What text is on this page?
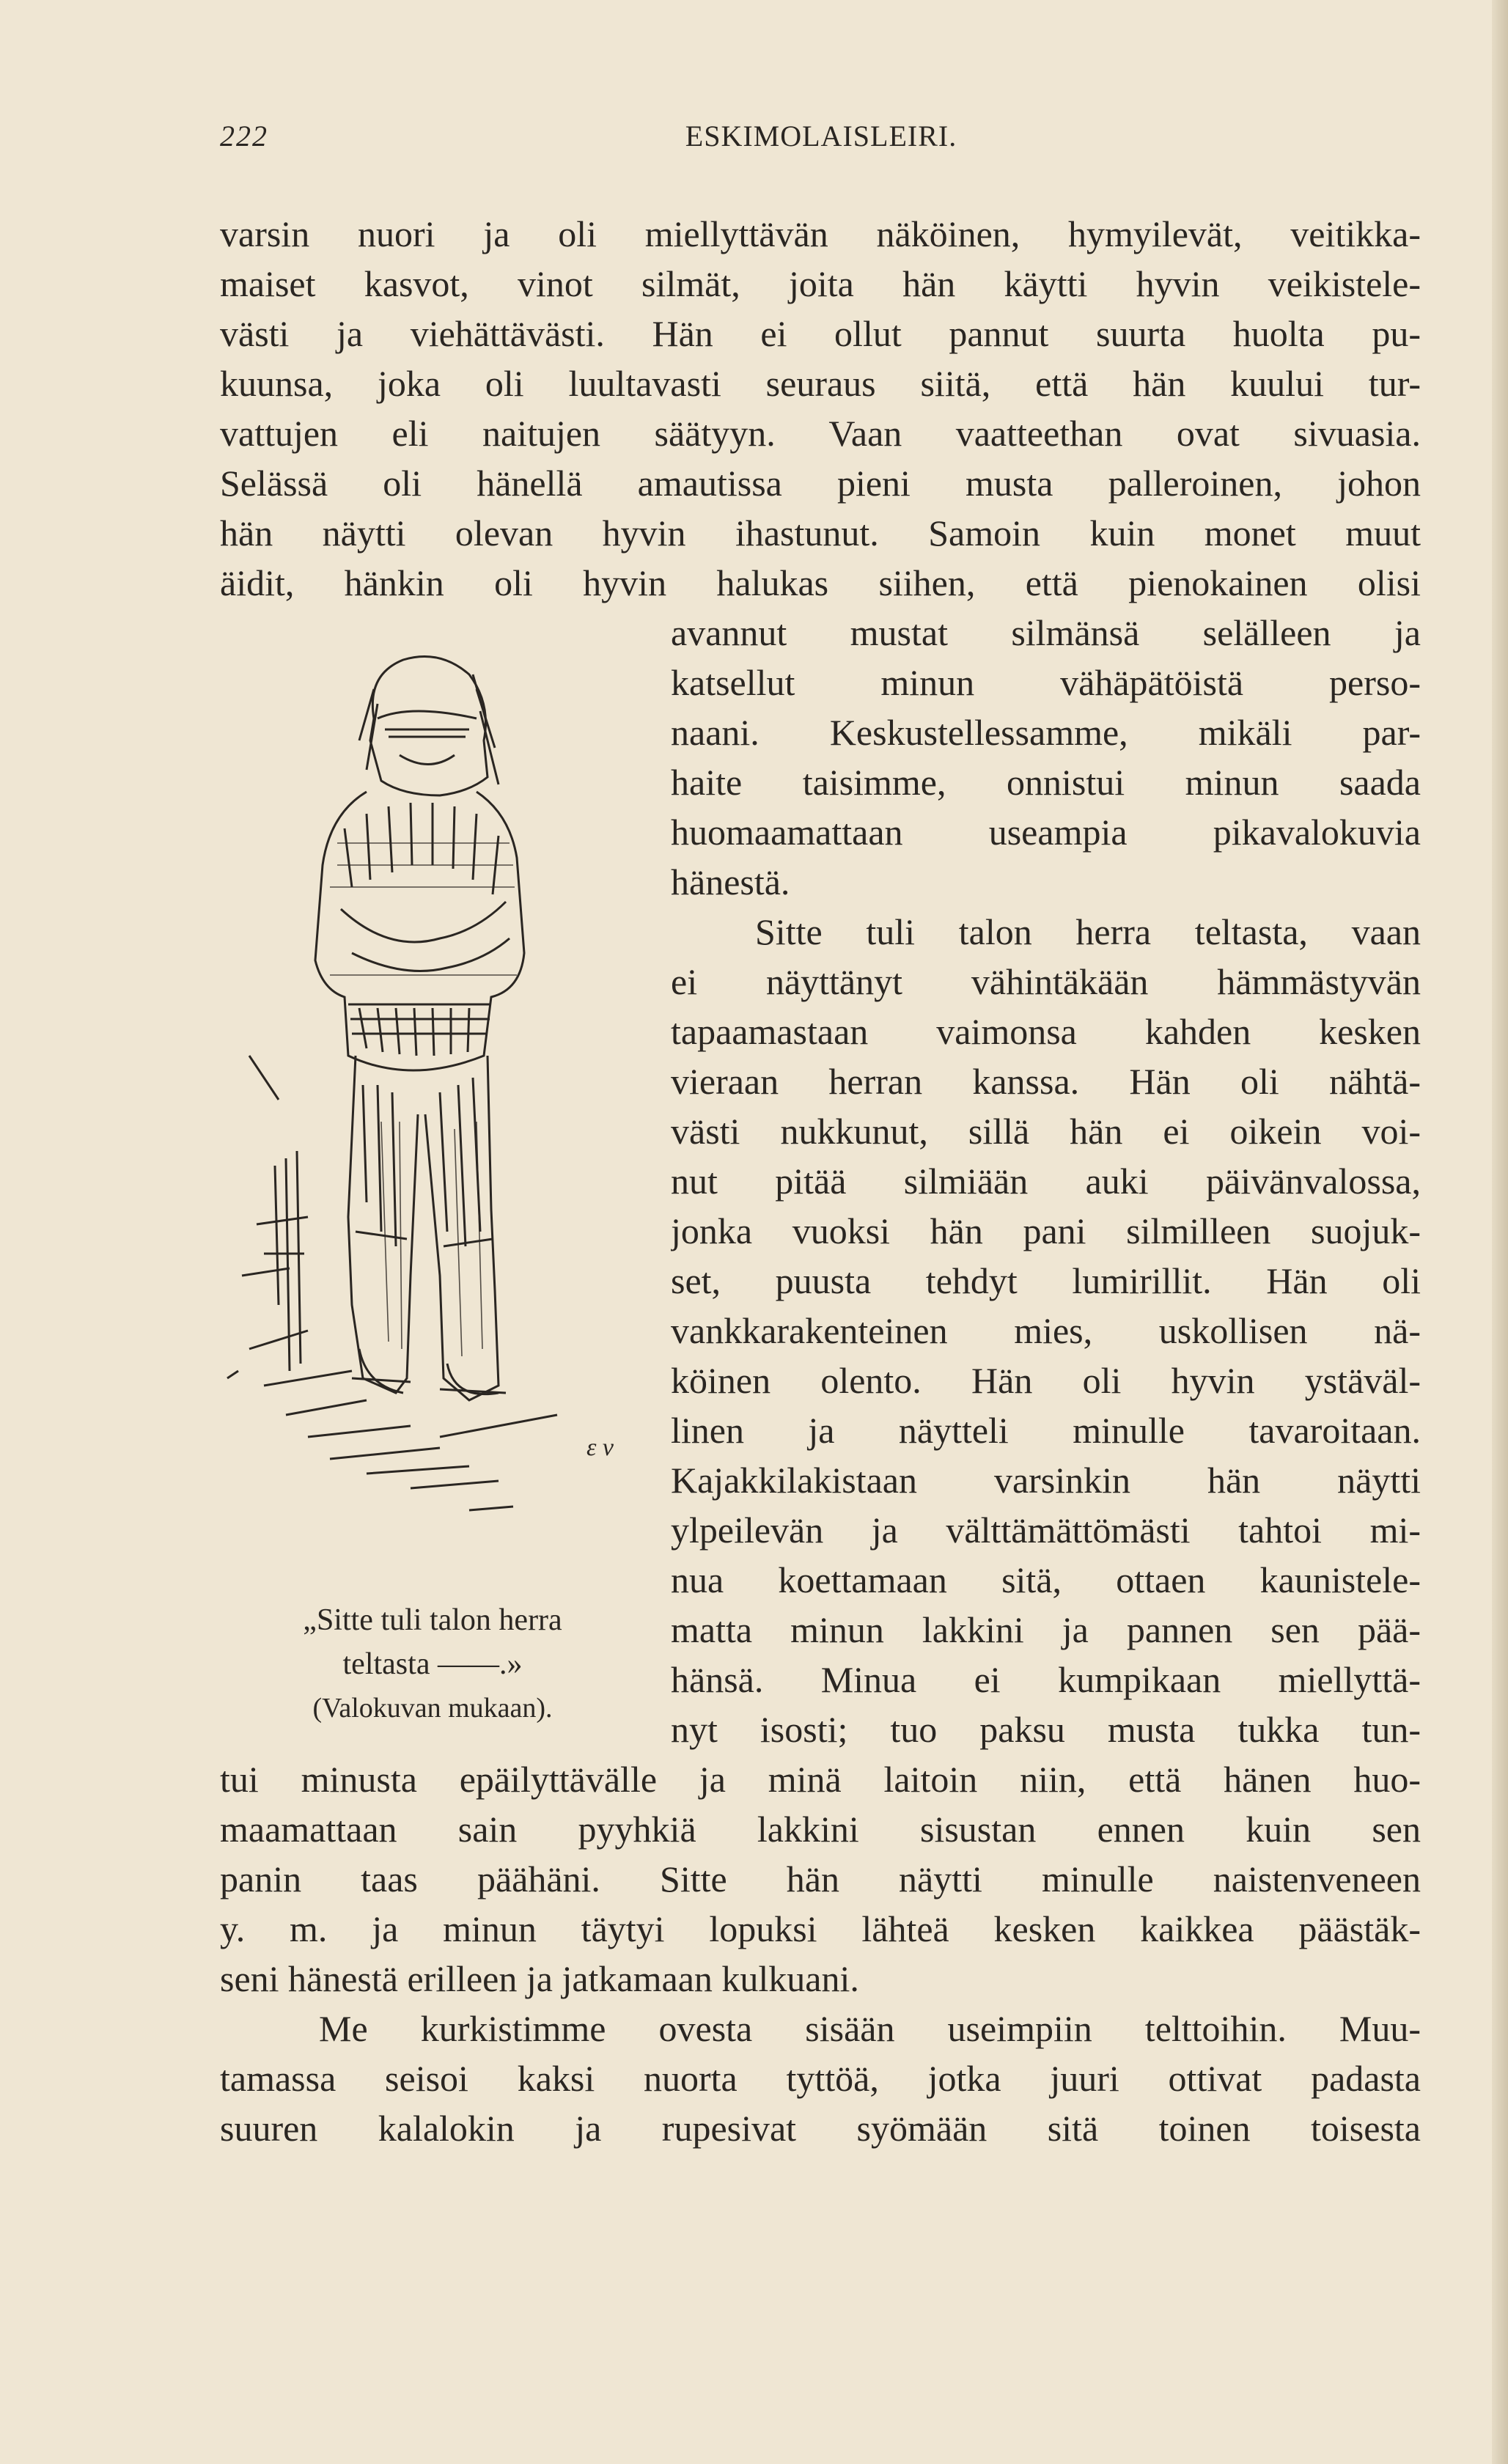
222	ESKIMOLAISLEIRI.
varsin nuori ja oli miellyttävän näköinen, hymyilevät, veitikka-
maiset kasvot, vinot silmät, joita hän käytti hyvin veikistele-
västi ja viehättävästi. Hän ei ollut pannut suurta huolta pu-
kuunsa, joka oli luultavasti seuraus siitä, että hän kuului tur-
vattujen eli naitujen säätyyn. Vaan vaatteethan ovat sivuasia.
Selässä oli hänellä amautissa pieni musta palleroinen, johon
hän näytti olevan hyvin ihastunut. Samoin kuin monet muut
äidit, hänkin oli hyvin halukas siihen, että pienokainen olisi
avannut mustat silmänsä selälleen ja
katsellut minun vähäpätöistä perso-
naani. Keskustellessamme, mikäli par-
haite taisimme, onnistui minun saada
huomaamattaan useampia pikavalokuvia
hänestä.
Sitte tuli talon herra teltasta, vaan
ei näyttänyt vähintäkään hämmästyvän
tapaamastaan vaimonsa kahden kesken
vieraan herran kanssa. Hän oli nähtä-
västi nukkunut, sillä hän ei oikein voi-
nut pitää silmiään auki päivänvalossa,
jonka vuoksi hän pani silmilleen suojuk-
set, puusta tehdyt lumirillit. Hän oli
vankkarakenteinen mies, uskollisen nä-
köinen olento. Hän oli hyvin ystäväl-
linen ja näytteli minulle tavaroitaan.
Kajakkilakistaan varsinkin hän näytti
ylpeilevän ja välttämättömästi tahtoi mi-
nua koettamaan sitä, ottaen kaunistele-
matta minun lakkini ja pannen sen pää-
hänsä. Minua ei kumpikaan miellyttä-
nyt isosti; tuo paksu musta tukka tun-
tui minusta epäilyttävälle ja minä laitoin niin, että hänen huo-
maamattaan sain pyyhkiä lakkini sisustan ennen kuin sen
panin taas päähäni. Sitte hän näytti minulle naistenveneen
y. m. ja minun täytyi lopuksi lähteä kesken kaikkea päästäk-
seni hänestä erilleen ja jatkamaan kulkuani.
Me kurkistimme ovesta sisään useimpiin telttoihin. Muu-
tamassa seisoi kaksi nuorta tyttöä, jotka juuri ottivat padasta
suuren kalalokin ja rupesivat syömään sitä toinen toisesta
ε ν
„Sitte tuli talon herra
teltasta ——.»
(Valokuvan mukaan).
